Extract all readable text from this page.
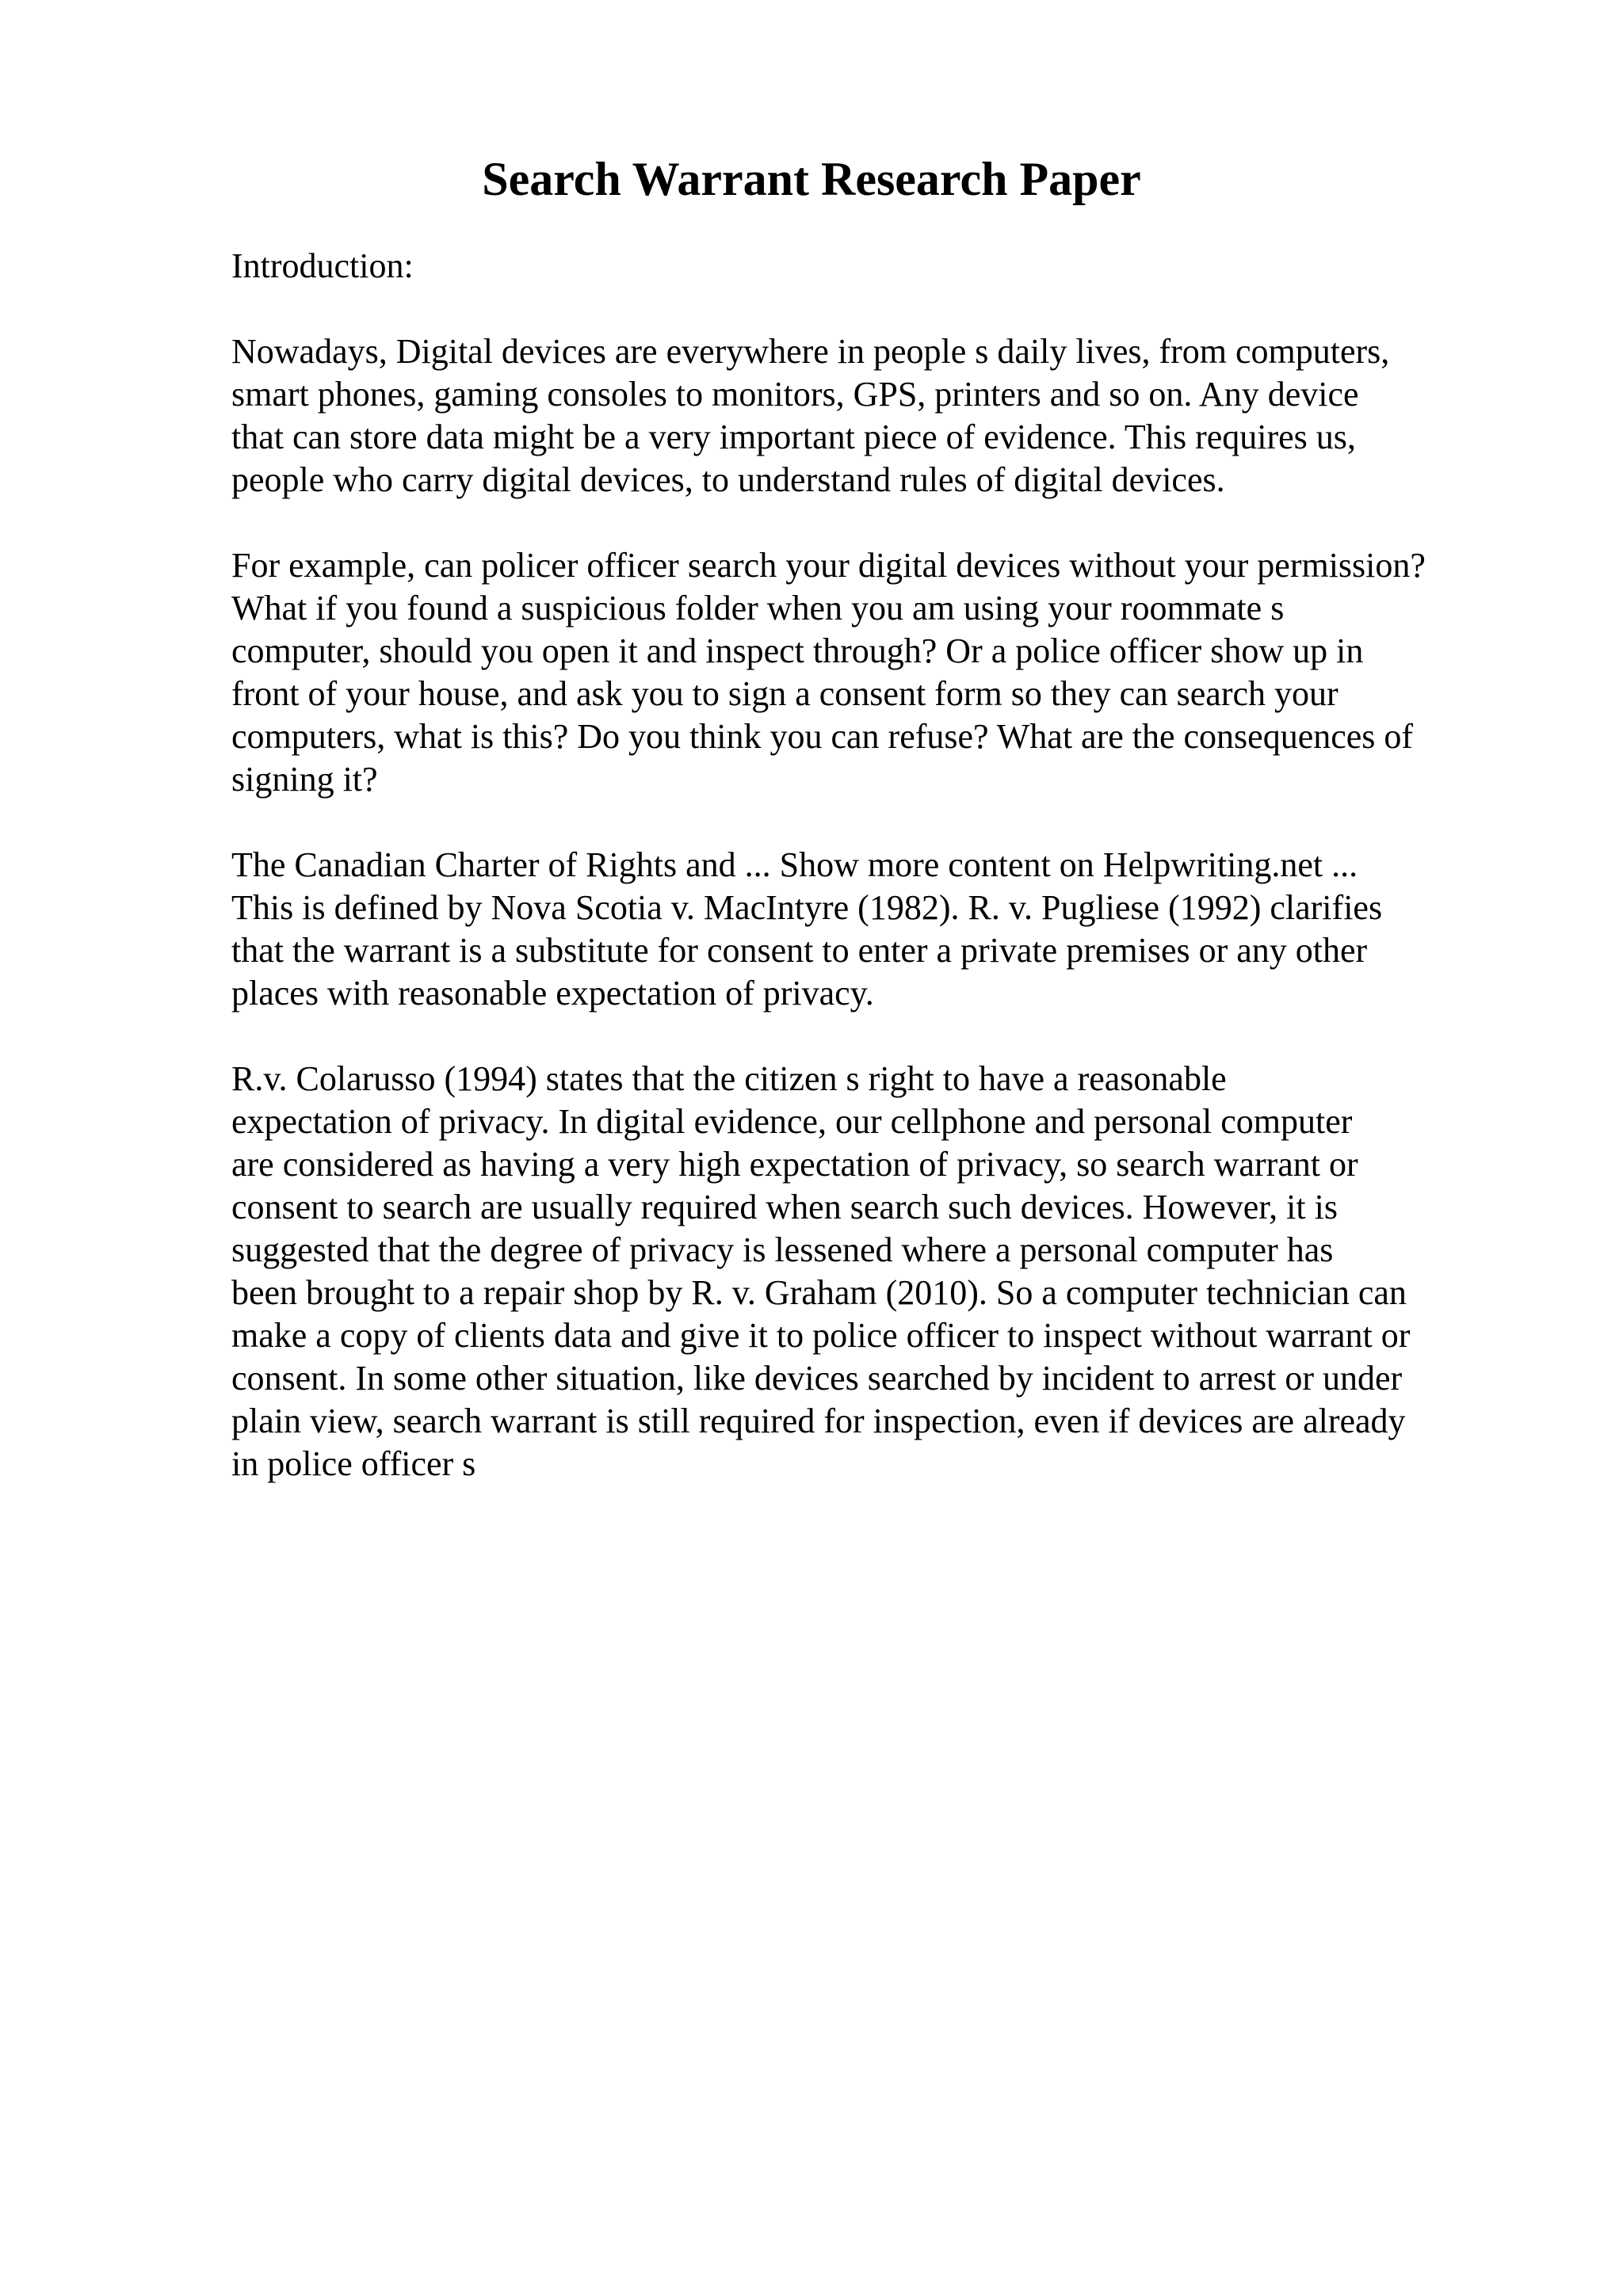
Search Warrant Research Paper

Introduction:

Nowadays, Digital devices are everywhere in people s daily lives, from computers,
smart phones, gaming consoles to monitors, GPS, printers and so on. Any device
that can store data might be a very important piece of evidence. This requires us,
people who carry digital devices, to understand rules of digital devices.

For example, can policer officer search your digital devices without your permission?
What if you found a suspicious folder when you am using your roommate s
computer, should you open it and inspect through? Or a police officer show up in
front of your house, and ask you to sign a consent form so they can search your
computers, what is this? Do you think you can refuse? What are the consequences of
signing it?

The Canadian Charter of Rights and ... Show more content on Helpwriting.net ...
This is defined by Nova Scotia v. MacIntyre (1982). R. v. Pugliese (1992) clarifies
that the warrant is a substitute for consent to enter a private premises or any other
places with reasonable expectation of privacy.

R.v. Colarusso (1994) states that the citizen s right to have a reasonable
expectation of privacy. In digital evidence, our cellphone and personal computer
are considered as having a very high expectation of privacy, so search warrant or
consent to search are usually required when search such devices. However, it is
suggested that the degree of privacy is lessened where a personal computer has
been brought to a repair shop by R. v. Graham (2010). So a computer technician can
make a copy of clients data and give it to police officer to inspect without warrant or
consent. In some other situation, like devices searched by incident to arrest or under
plain view, search warrant is still required for inspection, even if devices are already
in police officer s
